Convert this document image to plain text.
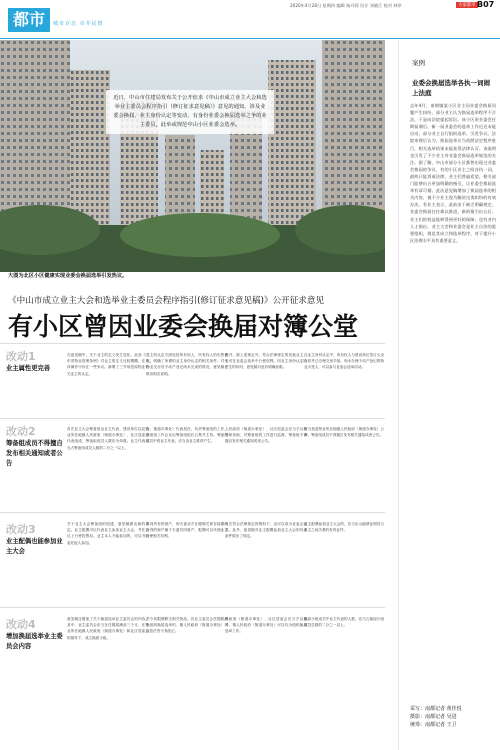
都市	城市百态 市井民情
2020年4月28日 星期四 编辑 杨丹莉 设计 刘晓江 校对 林华	大家都市 B07
近日，中山市住建局发布关于公开征求《中山市成立业主大会和选举业主委员会程序指引（修订征求意见稿）》意见的通知，涉及业委会换届、业主身份认定等变动，有身份业委会换届选举之争的业主委员，此举或规范中山小区业委会选举。
大图为北区小区健康实现业委会换届选举引发热议。
《中山市成立业主大会和选举业主委员会程序指引(修订征求意见稿)》公开征求意见
有小区曾因业委会换届对簿公堂
改动1
业主属性更完善
在意见稿中，关于业主的定义发生变化。此前《广东省物业管理条例》对业主的定义比较模糊，在具体操作中存在一些争议。新增了三节规范原物业有关业主的认定。
业主的认定方面包括所有权人，所有权人的出售情况。明确了所谓的业主身份认定的相关条件。对于物业交付后不动产登记尚未完成的情况，意见稿也做出相应说明。
此外，除上述规定外，符合法律规定的其他业主，也可在业委会选举中行使权利。因业主身份认定所产生的纠纷，意见稿对此有明确说明。
在业主身份认定中，所有权人与建设单位签订买卖合同并已办理交房手续，尚未办理不动产登记的物业买受人，可以参与业委会选举活动。
改动2
筹备组成员不得擅自发布相关通知或者公告
首次业主大会筹备组由业主代表、建设单位以及物业所在地镇人民政府（街道办事处）、社区居委会代表组成，筹备组成员人数应为单数。业主代表应当占筹备组成员人数的二分之一以上。
会、街道办事处）代表担任，负责筹备组的工作，筹备组工作会议由筹备组组长召集并主持。筹备组成员中的业主代表，应当由业主推荐产生。
人民政府（街道办事处）、社区居委会应当予以指导和协助，对筹备组的工作进行监督。筹备组不得擅自发布相关通知或者公告。
应当加盖物业所在地镇人民政府（街道办事处）公章，筹备组成员不得擅自发布相关通知或者公告。
改动3
业主配偶也能参加业主大会
关于业主大会筹备组的组建，意见稿做出新的规定。业主配偶可以代表业主参加业主大会，并在会议上行使投票权。业主本人不能参加的，可以书面委托他人参加。
共同所有的财产，即夫妻双方在婚姻关系存续期间所得的财产属于夫妻共同财产，配偶可以代理业主行使相关权利。
方在符合法律规定的情形下，也可以成为业委会委员。此外，意见稿对业主配偶参加业主大会的具体条件做出了规定。
业主配偶参加业主大会的，应当出示能够证明其与业主之间关系的有效证件。
改动4
增加换届选举业主委员会内容
意见稿还增加了关于换届选举业主委员会的内容。其中，业主委员会应当在任期届满前三个月，在物业所在地镇人民政府（街道办事处）和社区居委会的指导下，成立换届小组。
责令其限期移交相关物品。若业主委员会任期届满未组织换届选举的，镇人民政府（街道办事处）可以依法责令其改正。
民政府（街道办事处）、社区居委会应当予以指导，镇人民政府（街道办事处）可以代为组织换届选举工作。
换届小组成员中业主代表的人数，应当占换届小组成员总数的二分之一以上。
案例
业委会换届选举各执一词闹上法庭
去年4月，南朗镇某小区业主因业委会换届问题产生纠纷，部分业主认为换届选举程序不合法，于是向法院提起诉讼。该小区原业委会任期届满后，新一届业委会的选举工作迟迟未能启动，部分业主自行组织选举，引发争议。法院审理后认为，换届选举应当依照法定程序进行，相关选举结果未能获得法律认可。该案例也引发了不少业主对业委会换届选举规范的关注。据了解，中山市部分小区都曾出现过业委会换届的争议，有的小区业主之间各执一词，最终只能诉诸法律。业主们普遍希望，相关部门能够出台更加明确的指引，让业委会换届选举有章可循。此次意见稿增加了换届选举的相关内容，被不少业主视为解决这类纠纷的有效办法。有业主表示，此前由于缺乏明确规定，业委会换届往往难以推进，新的指引出台后，业主们的权益能够得到更好的保障。也有业内人士指出，业主大会和业委会是业主自治的重要组织，规范其成立和选举程序，对于提升小区治理水平具有重要意义。
采写：南都记者 黄佳悦
摄影：南都记者 吴进
统筹：南都记者 王卫
